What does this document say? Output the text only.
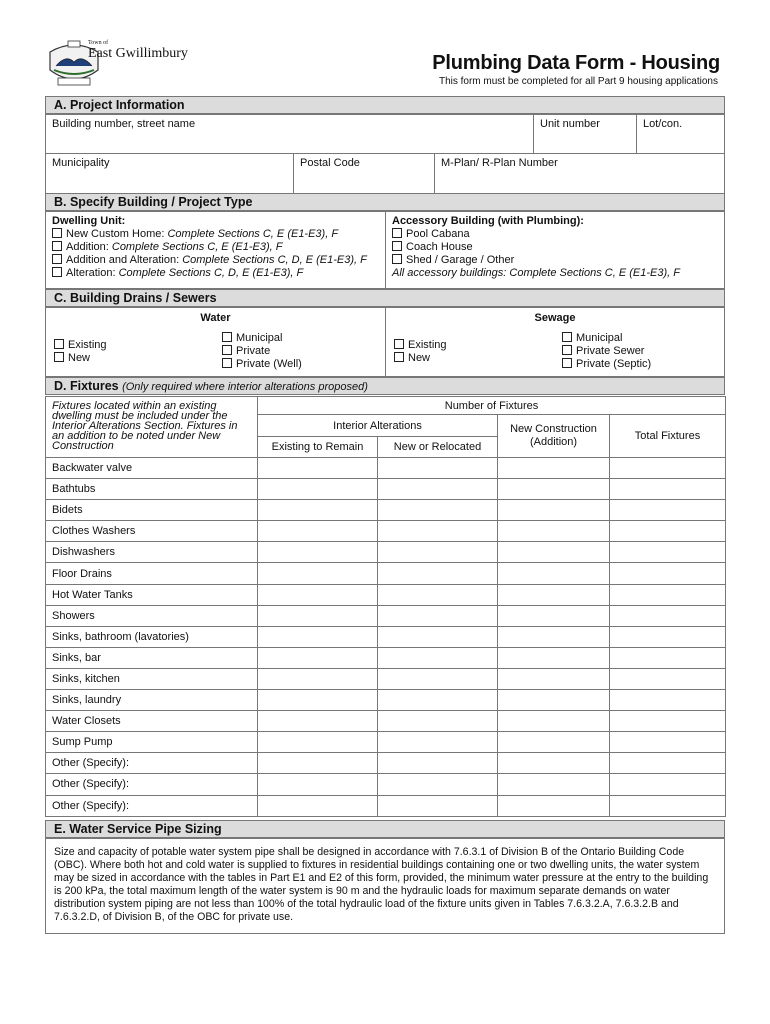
Town of
East Gwillimbury	Plumbing Data Form - Housing
This form must be completed for all Part 9 housing applications
A. Project Information
Building number, street name	Unit number	Lot/con.
Municipality	Postal Code	M-Plan/ R-Plan Number
B. Specify Building / Project Type
Dwelling Unit:
New Custom Home: Complete Sections C, E (E1-E3), F
Addition: Complete Sections C, E (E1-E3), F
Addition and Alteration: Complete Sections C, D, E (E1-E3), F
Alteration: Complete Sections C, D, E (E1-E3), F
Accessory Building (with Plumbing):
Pool Cabana
Coach House
Shed / Garage / Other
All accessory buildings: Complete Sections C, E (E1-E3), F
C. Building Drains / Sewers
Water
Existing
New
Municipal
Private
Private (Well)
Sewage
Existing
New
Municipal
Private Sewer
Private (Septic)
D. Fixtures (Only required where interior alterations proposed)
Fixtures located within an existing dwelling must be included under the Interior Alterations Section. Fixtures in an addition to be noted under New Construction	Number of Fixtures			
	Interior Alterations		New Construction (Addition)	Total Fixtures
	Existing to Remain	New or Relocated		
Backwater valve				
Bathtubs				
Bidets				
Clothes Washers				
Dishwashers				
Floor Drains				
Hot Water Tanks				
Showers				
Sinks, bathroom (lavatories)				
Sinks, bar				
Sinks, kitchen				
Sinks, laundry				
Water Closets				
Sump Pump				
Other (Specify):				
Other (Specify):				
Other (Specify):				
E. Water Service Pipe Sizing
Size and capacity of potable water system pipe shall be designed in accordance with 7.6.3.1 of Division B of the Ontario Building Code (OBC). Where both hot and cold water is supplied to fixtures in residential buildings containing one or two dwelling units, the water system may be sized in accordance with the tables in Part E1 and E2 of this form, provided, the minimum water pressure at the entry to the building is 200 kPa, the total maximum length of the water system is 90 m and the hydraulic loads for maximum separate demands on water distribution system piping are not less than 100% of the total hydraulic load of the fixture units given in Tables 7.6.3.2.A, 7.6.3.2.B and 7.6.3.2.D, of Division B, of the OBC for private use.
